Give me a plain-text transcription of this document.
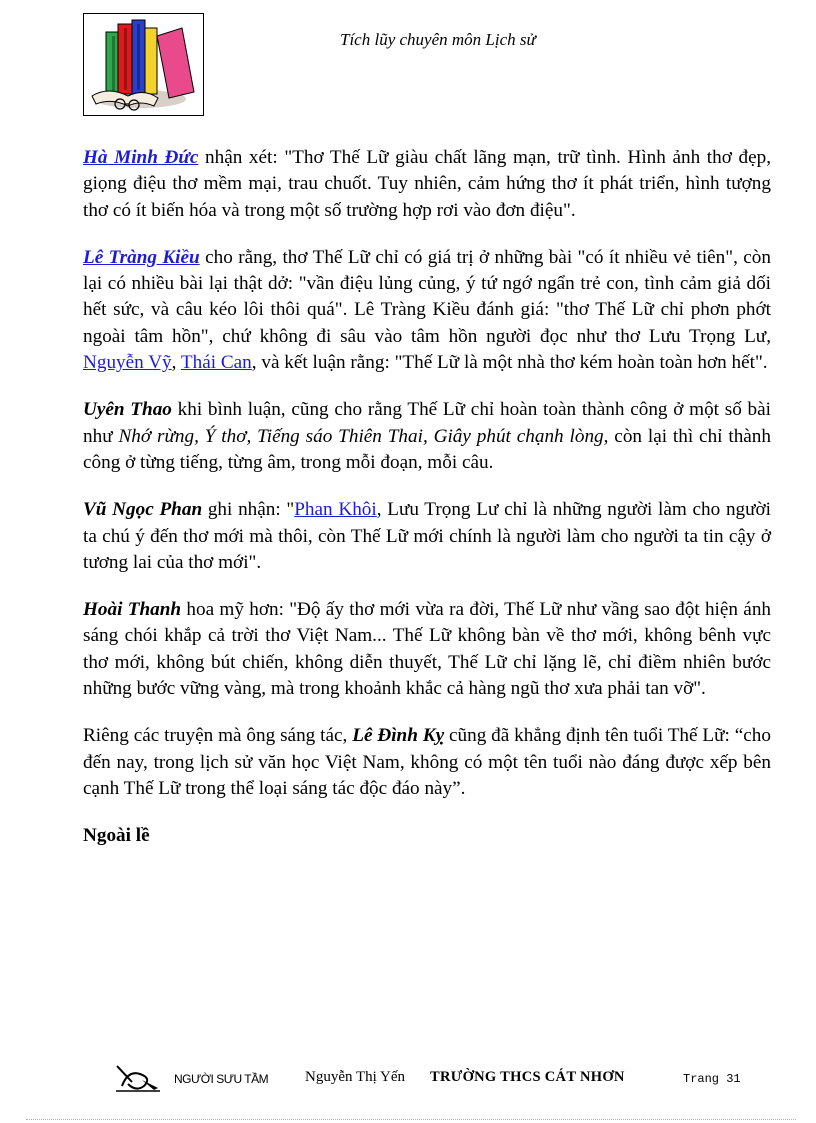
Tích lũy chuyên môn Lịch sử

Hà Minh Đức nhận xét: "Thơ Thế Lữ giàu chất lãng mạn, trữ tình. Hình ảnh thơ đẹp, giọng điệu thơ mềm mại, trau chuốt. Tuy nhiên, cảm hứng thơ ít phát triển, hình tượng thơ có ít biến hóa và trong một số trường hợp rơi vào đơn điệu".

Lê Tràng Kiều cho rằng, thơ Thế Lữ chỉ có giá trị ở những bài "có ít nhiều vẻ tiên", còn lại có nhiều bài lại thật dở: "vần điệu lủng củng, ý tứ ngớ ngẩn trẻ con, tình cảm giả dối hết sức, và câu kéo lôi thôi quá". Lê Tràng Kiều đánh giá: "thơ Thế Lữ chỉ phơn phớt ngoài tâm hồn", chứ không đi sâu vào tâm hồn người đọc như thơ Lưu Trọng Lư, Nguyễn Vỹ, Thái Can, và kết luận rằng: "Thế Lữ là một nhà thơ kém hoàn toàn hơn hết".

Uyên Thao khi bình luận, cũng cho rằng Thế Lữ chỉ hoàn toàn thành công ở một số bài như Nhớ rừng, Ý thơ, Tiếng sáo Thiên Thai, Giây phút chạnh lòng, còn lại thì chỉ thành công ở từng tiếng, từng âm, trong mỗi đoạn, mỗi câu.

Vũ Ngọc Phan ghi nhận: "Phan Khôi, Lưu Trọng Lư chỉ là những người làm cho người ta chú ý đến thơ mới mà thôi, còn Thế Lữ mới chính là người làm cho người ta tin cậy ở tương lai của thơ mới".

Hoài Thanh hoa mỹ hơn: "Độ ấy thơ mới vừa ra đời, Thế Lữ như vầng sao đột hiện ánh sáng chói khắp cả trời thơ Việt Nam... Thế Lữ không bàn về thơ mới, không bênh vực thơ mới, không bút chiến, không diễn thuyết, Thế Lữ chỉ lặng lẽ, chỉ điềm nhiên bước những bước vững vàng, mà trong khoảnh khắc cả hàng ngũ thơ xưa phải tan vỡ".

Riêng các truyện mà ông sáng tác, Lê Đình Kỵ cũng đã khẳng định tên tuổi Thế Lữ: “cho đến nay, trong lịch sử văn học Việt Nam, không có một tên tuổi nào đáng được xếp bên cạnh Thế Lữ trong thể loại sáng tác độc đáo này”.

Ngoài lề

NGƯỜI SƯU TẦM Nguyễn Thị Yến TRƯỜNG THCS CÁT NHƠN	Trang 31
